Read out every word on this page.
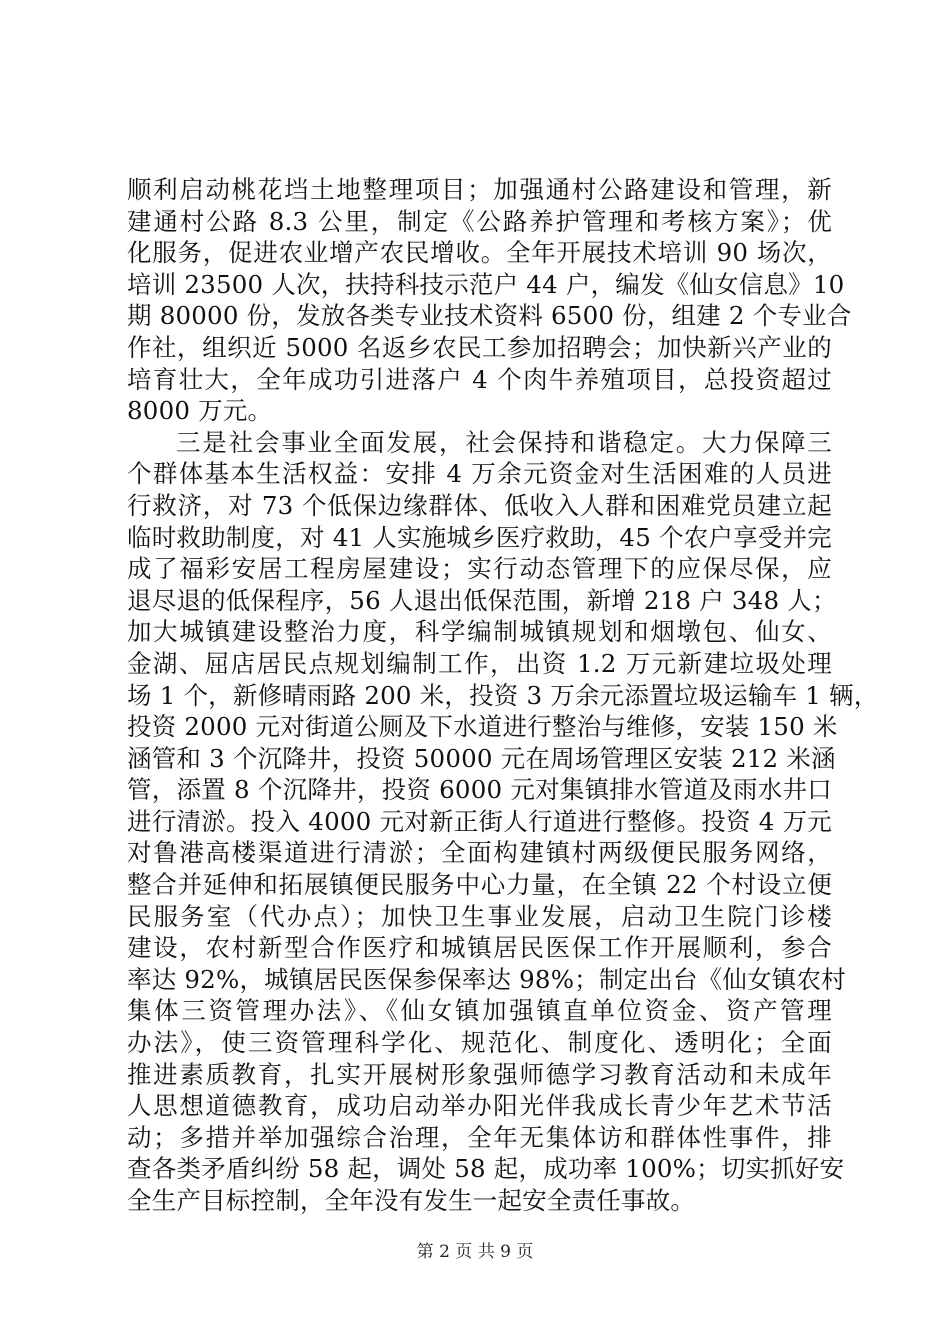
顺利启动桃花垱土地整理项目；加强通村公路建设和管理，新
建通村公路 8.3 公里，制定《公路养护管理和考核方案》；优
化服务，促进农业增产农民增收。全年开展技术培训 90 场次，
培训 23500 人次，扶持科技示范户 44 户，编发《仙女信息》10
期 80000 份，发放各类专业技术资料 6500 份，组建 2 个专业合
作社，组织近 5000 名返乡农民工参加招聘会；加快新兴产业的
培育壮大，全年成功引进落户 4 个肉牛养殖项目，总投资超过
8000 万元。
三是社会事业全面发展，社会保持和谐稳定。大力保障三
个群体基本生活权益：安排 4 万余元资金对生活困难的人员进
行救济，对 73 个低保边缘群体、低收入人群和困难党员建立起
临时救助制度，对 41 人实施城乡医疗救助，45 个农户享受并完
成了福彩安居工程房屋建设；实行动态管理下的应保尽保，应
退尽退的低保程序，56 人退出低保范围，新增 218 户 348 人；
加大城镇建设整治力度，科学编制城镇规划和烟墩包、仙女、
金湖、屈店居民点规划编制工作，出资 1.2 万元新建垃圾处理
场 1 个，新修晴雨路 200 米，投资 3 万余元添置垃圾运输车 1 辆，
投资 2000 元对街道公厕及下水道进行整治与维修，安装 150 米
涵管和 3 个沉降井，投资 50000 元在周场管理区安装 212 米涵
管，添置 8 个沉降井，投资 6000 元对集镇排水管道及雨水井口
进行清淤。投入 4000 元对新正街人行道进行整修。投资 4 万元
对鲁港高楼渠道进行清淤；全面构建镇村两级便民服务网络，
整合并延伸和拓展镇便民服务中心力量，在全镇 22 个村设立便
民服务室（代办点）；加快卫生事业发展，启动卫生院门诊楼
建设，农村新型合作医疗和城镇居民医保工作开展顺利，参合
率达 92%，城镇居民医保参保率达 98%；制定出台《仙女镇农村
集体三资管理办法》、《仙女镇加强镇直单位资金、资产管理
办法》，使三资管理科学化、规范化、制度化、透明化；全面
推进素质教育，扎实开展树形象强师德学习教育活动和未成年
人思想道德教育，成功启动举办阳光伴我成长青少年艺术节活
动；多措并举加强综合治理，全年无集体访和群体性事件，排
查各类矛盾纠纷 58 起，调处 58 起，成功率 100%；切实抓好安
全生产目标控制，全年没有发生一起安全责任事故。
第 2 页 共 9 页
